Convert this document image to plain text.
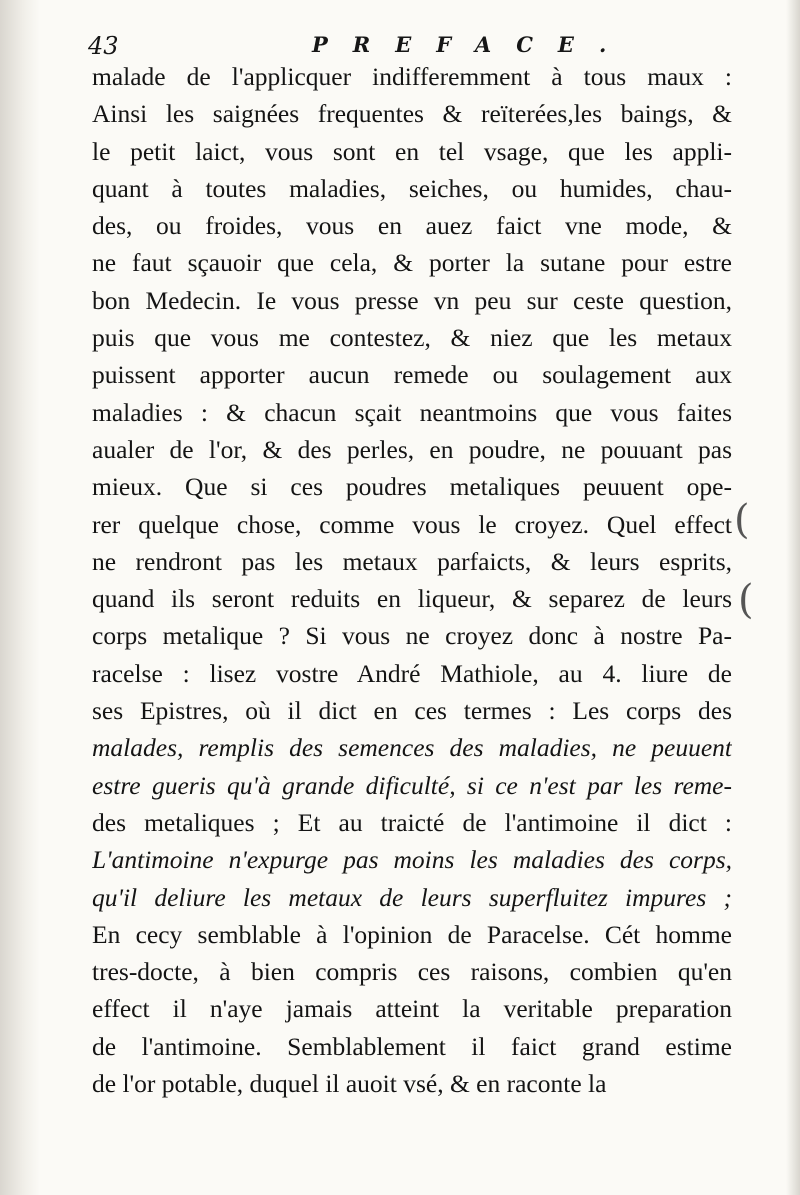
43	PREFACE.
malade de l'applicquer indifferemment à tous maux :
Ainsi les saignées frequentes & reïterées,les baings, &
le petit laict, vous sont en tel vsage, que les appli-
quant à toutes maladies, seiches, ou humides, chau-
des, ou froides, vous en auez faict vne mode, &
ne faut sçauoir que cela, & porter la sutane pour estre
bon Medecin. Ie vous presse vn peu sur ceste question,
puis que vous me contestez, & niez que les metaux
puissent apporter aucun remede ou soulagement aux
maladies : & chacun sçait neantmoins que vous faites
aualer de l'or, & des perles, en poudre, ne pouuant pas
mieux. Que si ces poudres metaliques peuuent ope-
rer quelque chose, comme vous le croyez. Quel effect
ne rendront pas les metaux parfaicts, & leurs esprits,
quand ils seront reduits en liqueur, & separez de leurs
corps metalique ? Si vous ne croyez donc à nostre Pa-
racelse : lisez vostre André Mathiole, au 4. liure de
ses Epistres, où il dict en ces termes : Les corps des
malades, remplis des semences des maladies, ne peuuent
estre gueris qu'à grande dificulté, si ce n'est par les reme-
des metaliques ; Et au traicté de l'antimoine il dict :
L'antimoine n'expurge pas moins les maladies des corps,
qu'il deliure les metaux de leurs superfluitez impures ;
En cecy semblable à l'opinion de Paracelse. Cét homme
tres-docte, à bien compris ces raisons, combien qu'en
effect il n'aye jamais atteint la veritable preparation
de l'antimoine. Semblablement il faict grand estime
de l'or potable, duquel il auoit vsé, & en raconte la
(
(
